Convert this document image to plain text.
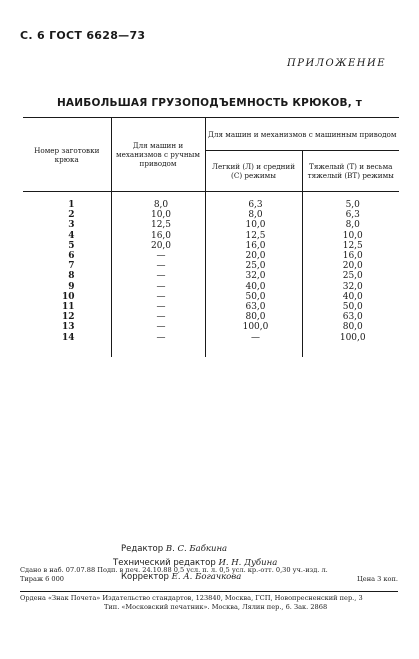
С. 6 ГОСТ 6628—73
ПРИЛОЖЕНИЕ
НАИБОЛЬШАЯ ГРУЗОПОДЪЕМНОСТЬ КРЮКОВ, т
Номер заготовки крюка	Для машин и механизмов с ручным приводом	Для машин и механизмов с машинным приводом	
		Легкий (Л) и средний (С) режимы	Тяжелый (Т) и весьма тяжелый (ВТ) режимы
1	8,0	6,3	5,0
2	10,0	8,0	6,3
3	12,5	10,0	8,0
4	16,0	12,5	10,0
5	20,0	16,0	12,5
6	—	20,0	16,0
7	—	25,0	20,0
8	—	32,0	25,0
9	—	40,0	32,0
10	—	50,0	40,0
11	—	63,0	50,0
12	—	80,0	63,0
13	—	100,0	80,0
14	—	—	100,0
Редактор В. С. Бабкина
Технический редактор И. Н. Дубина
Корректор Е. А. Богачкова
Сдано в наб. 07.07.88 Подп. в печ. 24.10.88 0,5 усл. п. л. 0,5 усл. кр.-отт. 0,30 уч.-изд. л.
Тираж 6 000	Цена 3 коп.
Ордена «Знак Почета» Издательство стандартов, 123840, Москва, ГСП, Новопресненский пер., 3
Тип. «Московский печатник». Москва, Лялин пер., 6. Зак. 2868
